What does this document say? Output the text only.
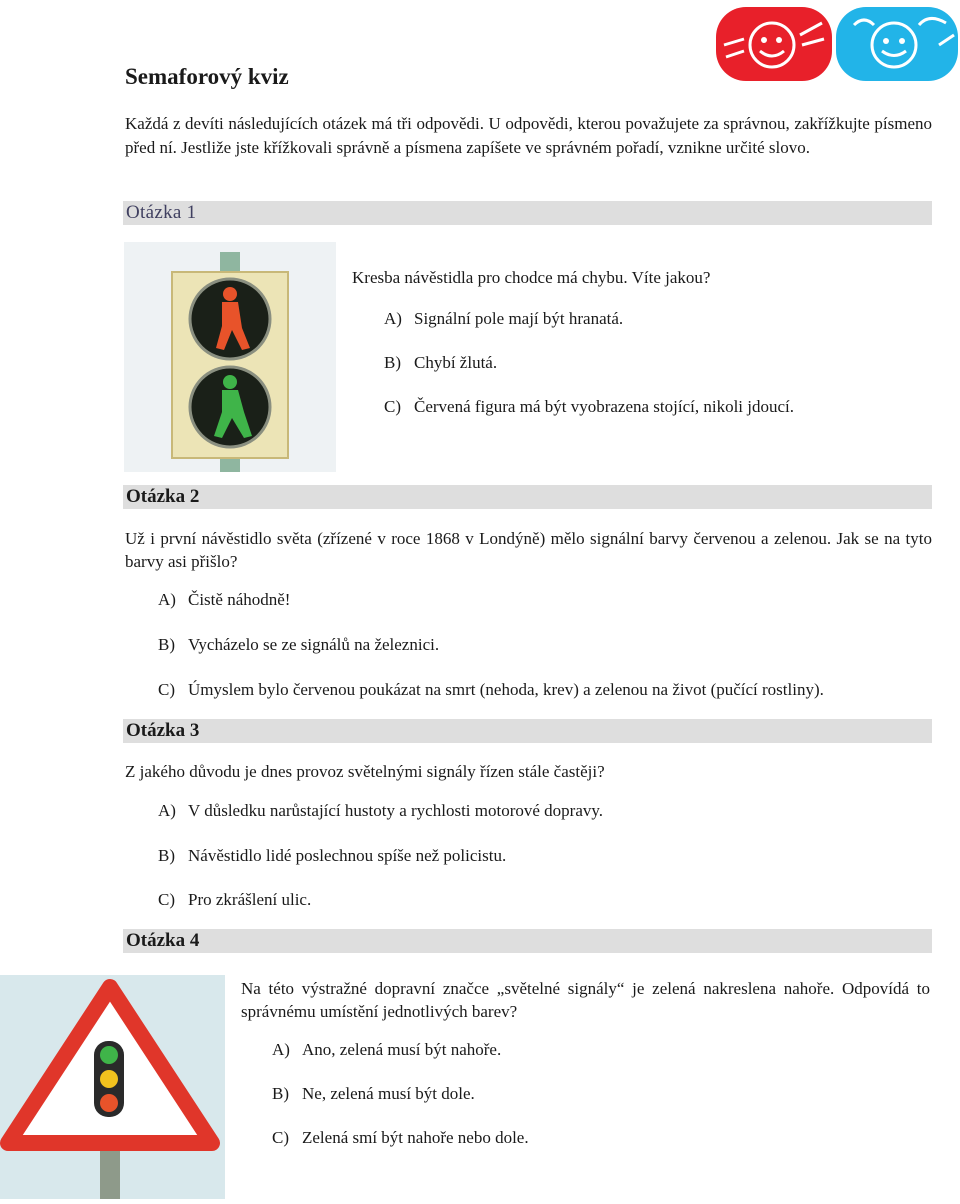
Semaforový kviz

Každá z devíti následujících otázek má tři odpovědi. U odpovědi, kterou považujete za správnou, zakřížkujte písmeno před ní. Jestliže jste křížkovali správně a písmena zapíšete ve správném pořadí, vznikne určité slovo.

Otázka 1
Kresba návěstidla pro chodce má chybu. Víte jakou?
A) Signální pole mají být hranatá.
B) Chybí žlutá.
C) Červená figura má být vyobrazena stojící, nikoli jdoucí.
Otázka 2
Už i první návěstidlo světa (zřízené v roce 1868 v Londýně) mělo signální barvy červenou a zelenou. Jak se na tyto barvy asi přišlo?
A) Čistě náhodně!
B) Vycházelo se ze signálů na železnici.
C) Úmyslem bylo červenou poukázat na smrt (nehoda, krev) a zelenou na život (pučící rostliny).
Otázka 3
Z jakého důvodu je dnes provoz světelnými signály řízen stále častěji?
A) V důsledku narůstající hustoty a rychlosti motorové dopravy.
B) Návěstidlo lidé poslechnou spíše než policistu.
C) Pro zkrášlení ulic.
Otázka 4
Na této výstražné dopravní značce „světelné signály“ je zelená nakreslena nahoře. Odpovídá to správnému umístění jednotlivých barev?
A) Ano, zelená musí být nahoře.
B) Ne, zelená musí být dole.
C) Zelená smí být nahoře nebo dole.
